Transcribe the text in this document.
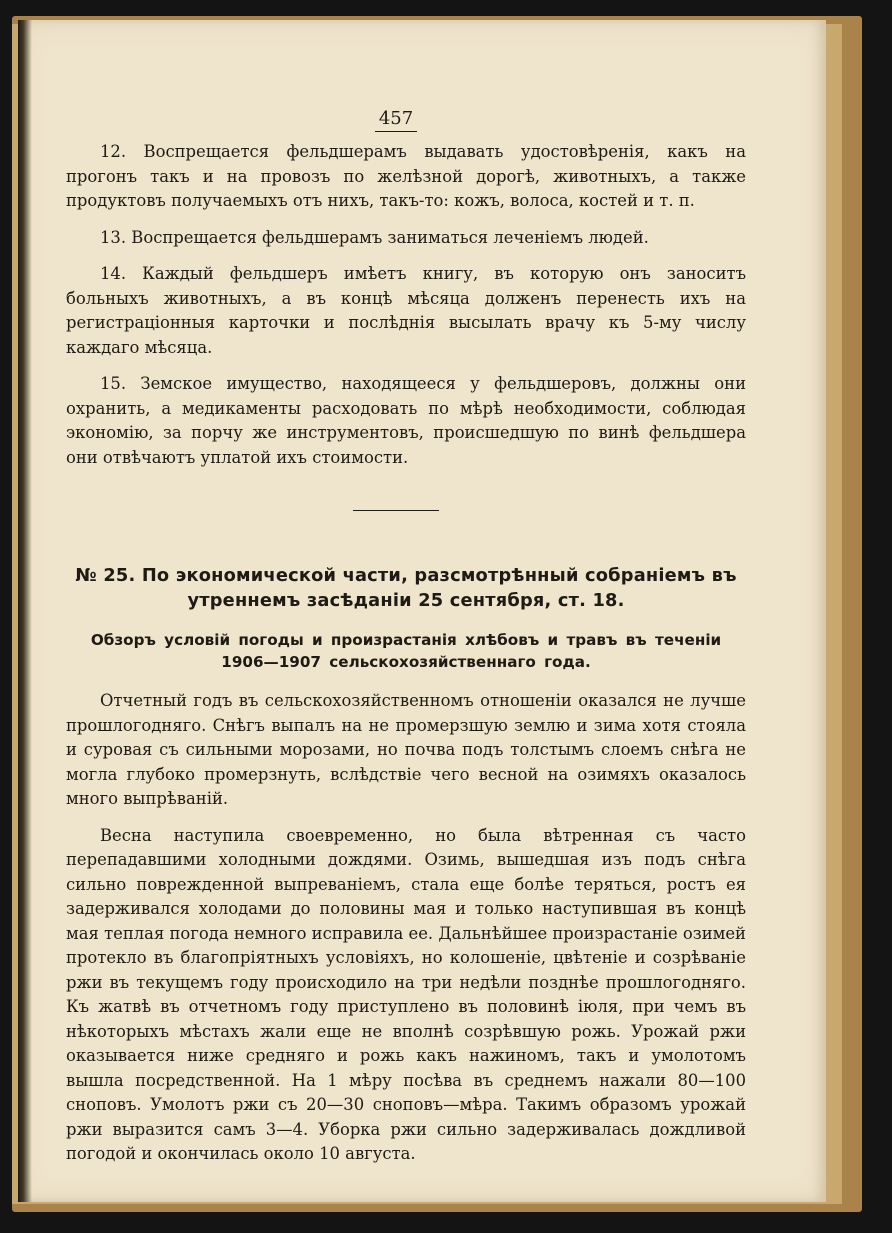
457

12. Воспрещается фельдшерамъ выдавать удостовѣренія, какъ на прогонъ такъ и на провозъ по желѣзной дорогѣ, животныхъ, а также продуктовъ получаемыхъ отъ нихъ, такъ-то: кожъ, волоса, костей и т. п.

13. Воспрещается фельдшерамъ заниматься леченіемъ людей.

14. Каждый фельдшеръ имѣетъ книгу, въ которую онъ заноситъ больныхъ животныхъ, а въ концѣ мѣсяца долженъ перенесть ихъ на регистраціонныя карточки и послѣднія высылать врачу къ 5-му числу каждаго мѣсяца.

15. Земское имущество, находящееся у фельдшеровъ, должны они охранить, а медикаменты расходовать по мѣрѣ необходимости, соблюдая экономію, за порчу же инструментовъ, происшедшую по винѣ фельдшера они отвѣчаютъ уплатой ихъ стоимости.

№ 25. По экономической части, разсмотрѣнный собраніемъ въ

утреннемъ засѣданіи 25 сентября, ст. 18.

Обзоръ условій погоды и произрастанія хлѣбовъ и травъ въ теченіи

1906—1907 сельскохозяйственнаго года.

Отчетный годъ въ сельскохозяйственномъ отношеніи оказался не лучше прошлогодняго. Снѣгъ выпалъ на не промерзшую землю и зима хотя стояла и суровая съ сильными морозами, но почва подъ толстымъ слоемъ снѣга не могла глубоко промерзнуть, вслѣдствіе чего весной на озимяхъ оказалось много выпрѣваній.

Весна наступила своевременно, но была вѣтренная съ часто перепадавшими холодными дождями. Озимь, вышедшая изъ подъ снѣга сильно поврежденной выпреваніемъ, стала еще болѣе теряться, ростъ ея задерживался холодами до половины мая и только наступившая въ концѣ мая теплая погода немного исправила ее. Дальнѣйшее произрастаніе озимей протекло въ благопріятныхъ условіяхъ, но колошеніе, цвѣтеніе и созрѣваніе ржи въ текущемъ году происходило на три недѣли позднѣе прошлогодняго. Къ жатвѣ въ отчетномъ году приступлено въ половинѣ іюля, при чемъ въ нѣкоторыхъ мѣстахъ жали еще не вполнѣ созрѣвшую рожь. Урожай ржи оказывается ниже средняго и рожь какъ нажиномъ, такъ и умолотомъ вышла посредственной. На 1 мѣру посѣва въ среднемъ нажали 80—100 сноповъ. Умолотъ ржи съ 20—30 сноповъ—мѣра. Такимъ образомъ урожай ржи выразится самъ 3—4. Уборка ржи сильно задерживалась дождливой погодой и окончилась около 10 августа.
